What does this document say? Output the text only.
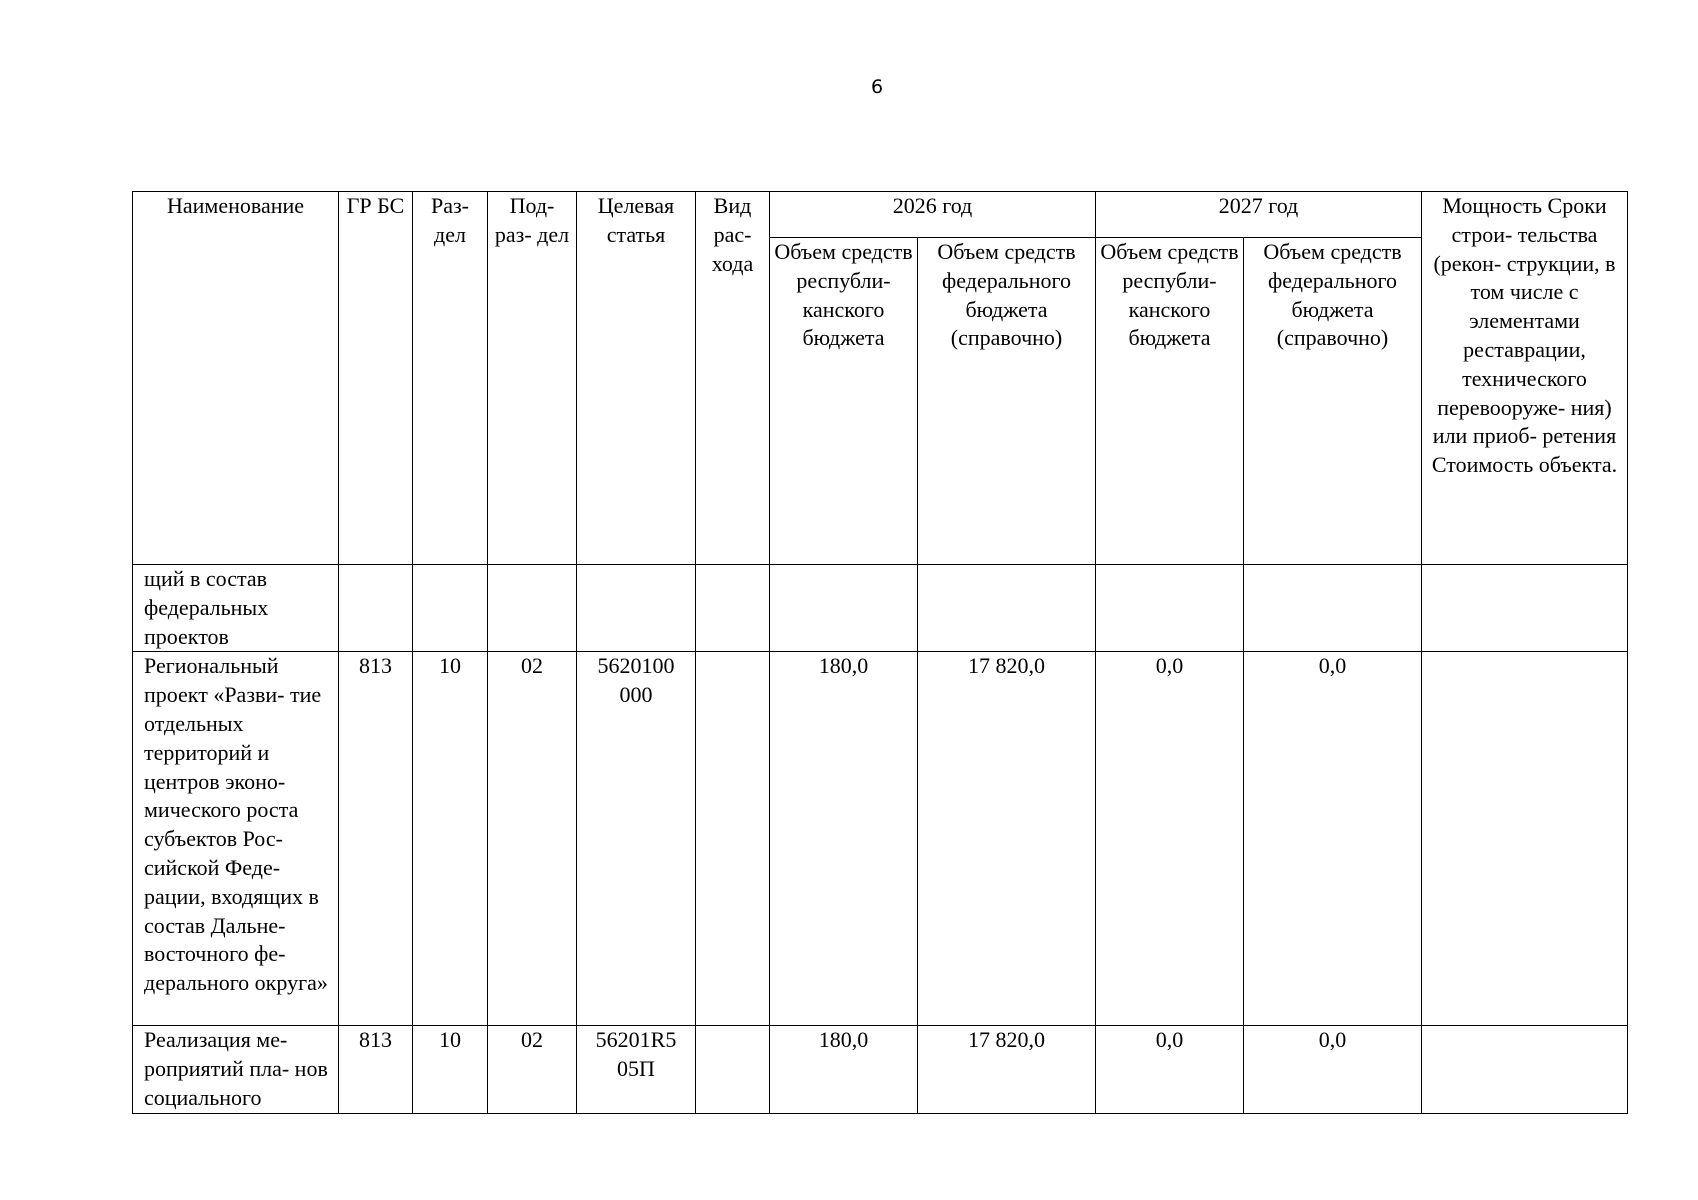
6
Наименование	ГР БС	Раз- дел	Под- раз- дел	Целевая статья	Вид рас- хода	2026 год		2027 год		Мощность Сроки строи- тельства (рекон- струкции, в том числе с элементами реставрации, технического перевооруже- ния) или приоб- ретения Стоимость объекта.
						Объем средств республи- канского бюджета	Объем средств федерального бюджета (справочно)	Объем средств республи- канского бюджета	Объем средств федерального бюджета (справочно)	
щий в состав федеральных проектов										
Региональный проект «Разви- тие отдельных территорий и центров эконо- мического роста субъектов Рос- сийской Феде- рации, входящих в состав Дальне- восточного фе- дерального округа»	813	10	02	5620100 000		180,0	17 820,0	0,0	0,0	
Реализация ме- роприятий пла- нов социального	813	10	02	56201R5 05П		180,0	17 820,0	0,0	0,0	
